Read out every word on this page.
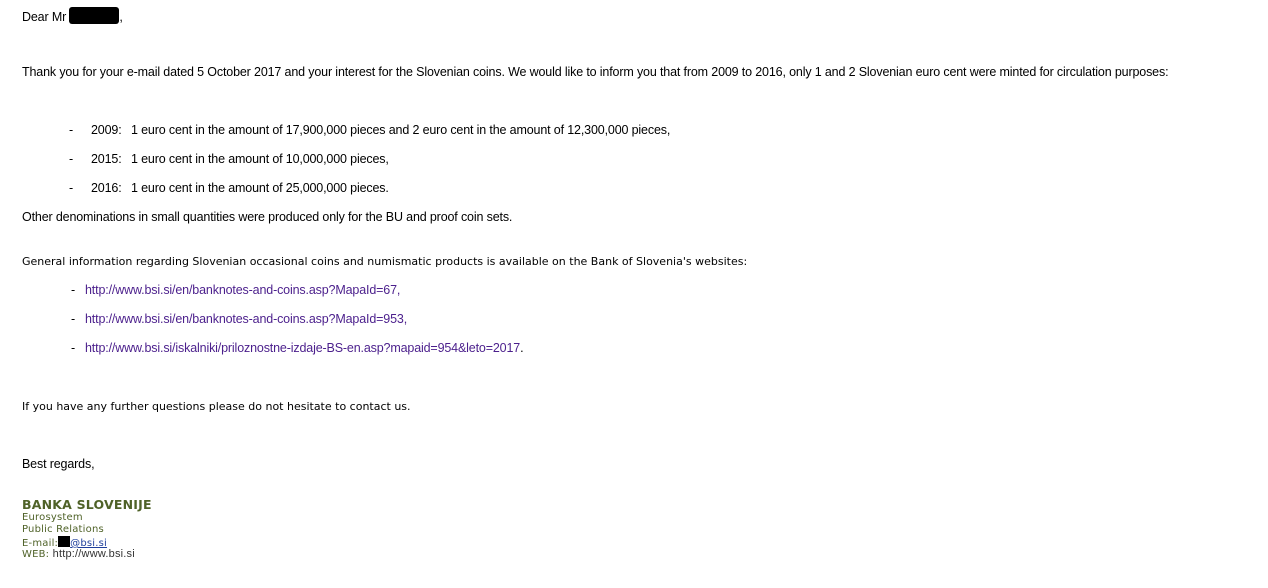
Dear Mr	,
Thank you for your e-mail dated 5 October 2017 and your interest for the Slovenian coins. We would like to inform you that from 2009 to 2016, only 1 and 2 Slovenian euro cent were minted for circulation purposes:
- 2009: 1 euro cent in the amount of 17,900,000 pieces and 2 euro cent in the amount of 12,300,000 pieces,
- 2015: 1 euro cent in the amount of 10,000,000 pieces,
- 2016: 1 euro cent in the amount of 25,000,000 pieces.
Other denominations in small quantities were produced only for the BU and proof coin sets.
General information regarding Slovenian occasional coins and numismatic products is available on the Bank of Slovenia's websites:
- http://www.bsi.si/en/banknotes-and-coins.asp?MapaId=67,
- http://www.bsi.si/en/banknotes-and-coins.asp?MapaId=953,
- http://www.bsi.si/iskalniki/priloznostne-izdaje-BS-en.asp?mapaid=954&leto=2017.
If you have any further questions please do not hesitate to contact us.
Best regards,
BANKA SLOVENIJE
Eurosystem
Public Relations
E-mail: @bsi.si
WEB: http://www.bsi.si
